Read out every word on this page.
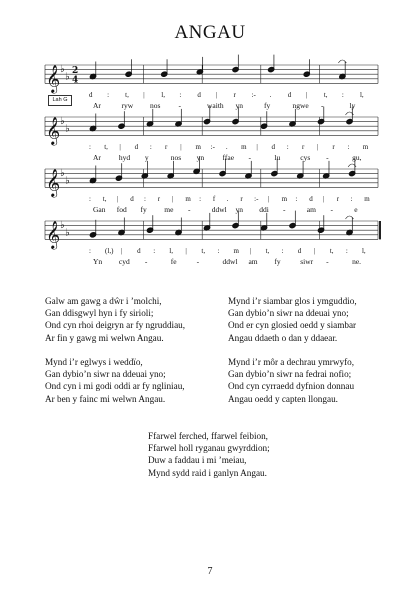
ANGAU
𝄞 ♭
♭
2
4
𝄞 ♭
♭
𝄞 ♭
♭
𝄞 ♭
♭
Lah G
d : t, | l, : d | r :- . d | t, : l,
Ar	ryw nos -	waith yn	fy	ngwe -	ly
: t, | d : r | m :- . m | d : r | r : m
Ar hyd y	nos yn ffae -	lu	cys -	gu,
: t, | d : r | m : f . r :- | m : d | r : m
Gan fod fy me -	ddwl yn ddi -	am -	e
: (l,) | d : l, | t, : m | t, : d | t, : l,
Yn cyd -	fe	-	ddwl am fy	siwr -	ne.
Galw am gawg a dŵr i ’molchi,
Gan ddisgwyl hyn i fy sirioli;
Ond cyn rhoi deigryn ar fy ngruddiau,
Ar fin y gawg mi welwn Angau.
Mynd i’r eglwys i weddïo,
Gan dybio’n siwr na ddeuai yno;
Ond cyn i mi godi oddi ar fy ngliniau,
Ar ben y fainc mi welwn Angau.
Mynd i’r siambar glos i ymguddio,
Gan dybio’n siwr na ddeuai yno;
Ond er cyn glosied oedd y siambar
Angau ddaeth o dan y ddaear.
Mynd i’r môr a dechrau ymrwyfo,
Gan dybio’n siwr na fedrai nofio;
Ond cyn cyrraedd dyfnion donnau
Angau oedd y capten llongau.
Ffarwel ferched, ffarwel feibion,
Ffarwel holl ryganau gwyrddion;
Duw a faddau i mi ’meiau,
Mynd sydd raid i ganlyn Angau.
7
